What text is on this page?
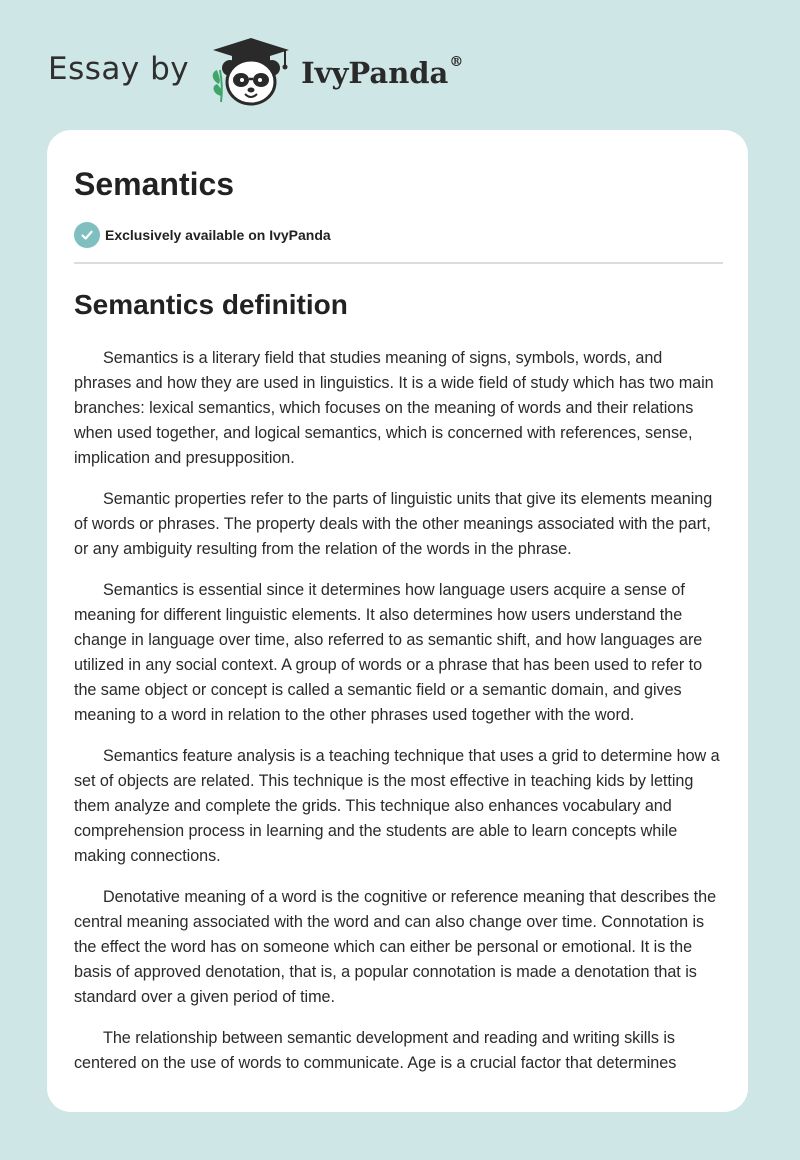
Essay by	IvyPanda®
Semantics
Exclusively available on IvyPanda
Semantics definition

Semantics is a literary field that studies meaning of signs, symbols, words, and phrases and how they are used in linguistics. It is a wide field of study which has two main branches: lexical semantics, which focuses on the meaning of words and their relations when used together, and logical semantics, which is concerned with references, sense, implication and presupposition.

Semantic properties refer to the parts of linguistic units that give its elements meaning of words or phrases. The property deals with the other meanings associated with the part, or any ambiguity resulting from the relation of the words in the phrase.

Semantics is essential since it determines how language users acquire a sense of meaning for different linguistic elements. It also determines how users understand the change in language over time, also referred to as semantic shift, and how languages are utilized in any social context. A group of words or a phrase that has been used to refer to the same object or concept is called a semantic field or a semantic domain, and gives meaning to a word in relation to the other phrases used together with the word.

Semantics feature analysis is a teaching technique that uses a grid to determine how a set of objects are related. This technique is the most effective in teaching kids by letting them analyze and complete the grids. This technique also enhances vocabulary and comprehension process in learning and the students are able to learn concepts while making connections.

Denotative meaning of a word is the cognitive or reference meaning that describes the central meaning associated with the word and can also change over time. Connotation is the effect the word has on someone which can either be personal or emotional. It is the basis of approved denotation, that is, a popular connotation is made a denotation that is standard over a given period of time.

The relationship between semantic development and reading and writing skills is centered on the use of words to communicate. Age is a crucial factor that determines
